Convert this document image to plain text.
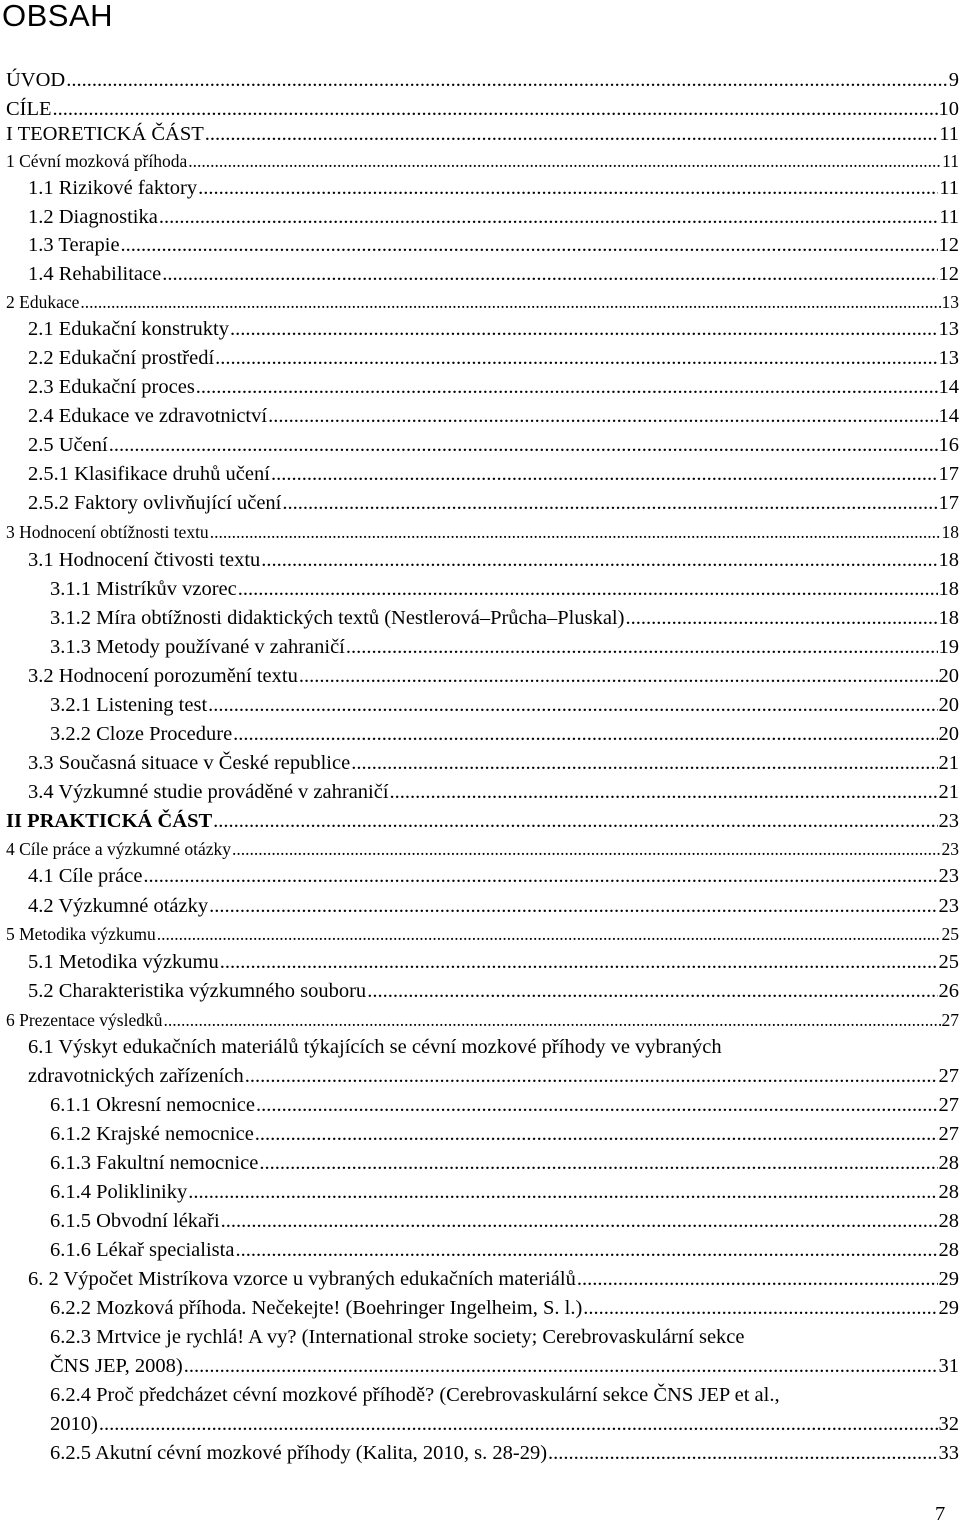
OBSAH
ÚVOD .....	9
CÍLE .....	10
I TEORETICKÁ ČÁST .....	11
1 Cévní mozková příhoda .....	11
1.1 Rizikové faktory .....	11
1.2 Diagnostika .....	11
1.3 Terapie .....	12
1.4 Rehabilitace .....	12
2 Edukace .....	13
2.1 Edukační konstrukty .....	13
2.2 Edukační prostředí .....	13
2.3 Edukační proces .....	14
2.4 Edukace ve zdravotnictví .....	14
2.5 Učení .....	16
2.5.1 Klasifikace druhů učení .....	17
2.5.2 Faktory ovlivňující učení .....	17
3 Hodnocení obtížnosti textu .....	18
3.1 Hodnocení čtivosti textu .....	18
3.1.1 Mistríkův vzorec .....	18
3.1.2 Míra obtížnosti didaktických textů (Nestlerová–Průcha–Pluskal) .....	18
3.1.3 Metody používané v zahraničí .....	19
3.2 Hodnocení porozumění textu .....	20
3.2.1 Listening test .....	20
3.2.2 Cloze Procedure .....	20
3.3 Současná situace v České republice .....	21
3.4 Výzkumné studie prováděné v zahraničí .....	21
II PRAKTICKÁ ČÁST .....	23
4 Cíle práce a výzkumné otázky .....	23
4.1 Cíle práce .....	23
4.2 Výzkumné otázky .....	23
5 Metodika výzkumu .....	25
5.1 Metodika výzkumu .....	25
5.2 Charakteristika výzkumného souboru .....	26
6 Prezentace výsledků .....	27
6.1 Výskyt edukačních materiálů týkajících se cévní mozkové příhody ve vybraných
zdravotnických zařízeních .....	27
6.1.1 Okresní nemocnice .....	27
6.1.2 Krajské nemocnice .....	27
6.1.3 Fakultní nemocnice .....	28
6.1.4 Polikliniky .....	28
6.1.5 Obvodní lékaři .....	28
6.1.6 Lékař specialista .....	28
6. 2 Výpočet Mistríkova vzorce u vybraných edukačních materiálů .....	29
6.2.2 Mozková příhoda. Nečekejte! (Boehringer Ingelheim, S. l.) .....	29
6.2.3 Mrtvice je rychlá! A vy? (International stroke society; Cerebrovaskulární sekce
ČNS JEP, 2008) .....	31
6.2.4 Proč předcházet cévní mozkové příhodě? (Cerebrovaskulární sekce ČNS JEP et al.,
2010) .....	32
6.2.5 Akutní cévní mozkové příhody (Kalita, 2010, s. 28-29) .....	33
7
